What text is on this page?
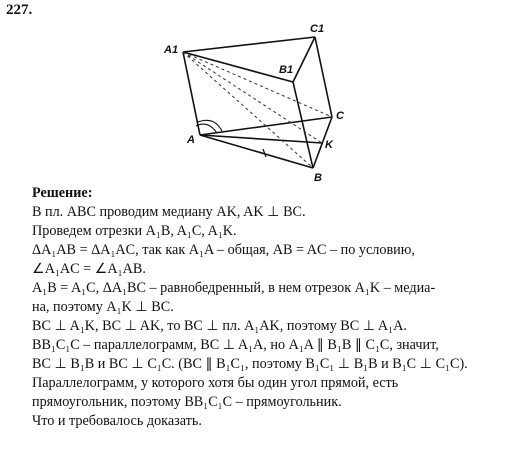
227.
A1
C1
B1
C
A	K
B
Решение:
В пл. ABC проводим медиану AK, AK ⊥ BC.
Проведем отрезки A₁B, A₁C, A₁K.
ΔA₁AB = ΔA₁AC, так как A₁A – общая, AB = AC – по условию,
∠A₁AC = ∠A₁AB.
A₁B = A₁C, ΔA₁BC – равнобедренный, в нем отрезок A₁K – медиа-
на, поэтому A₁K ⊥ BC.
BC ⊥ A₁K, BC ⊥ AK, то BC ⊥ пл. A₁AK, поэтому BC ⊥ A₁A.
BB₁C₁C – параллелограмм, BC ⊥ A₁A, но A₁A ∥ B₁B ∥ C₁C, значит,
BC ⊥ B₁B и BC ⊥ C₁C. (BC ∥ B₁C₁, поэтому B₁C₁ ⊥ B₁B и B₁C ⊥ C₁C).
Параллелограмм, у которого хотя бы один угол прямой, есть
прямоугольник, поэтому BB₁C₁C – прямоугольник.
Что и требовалось доказать.
